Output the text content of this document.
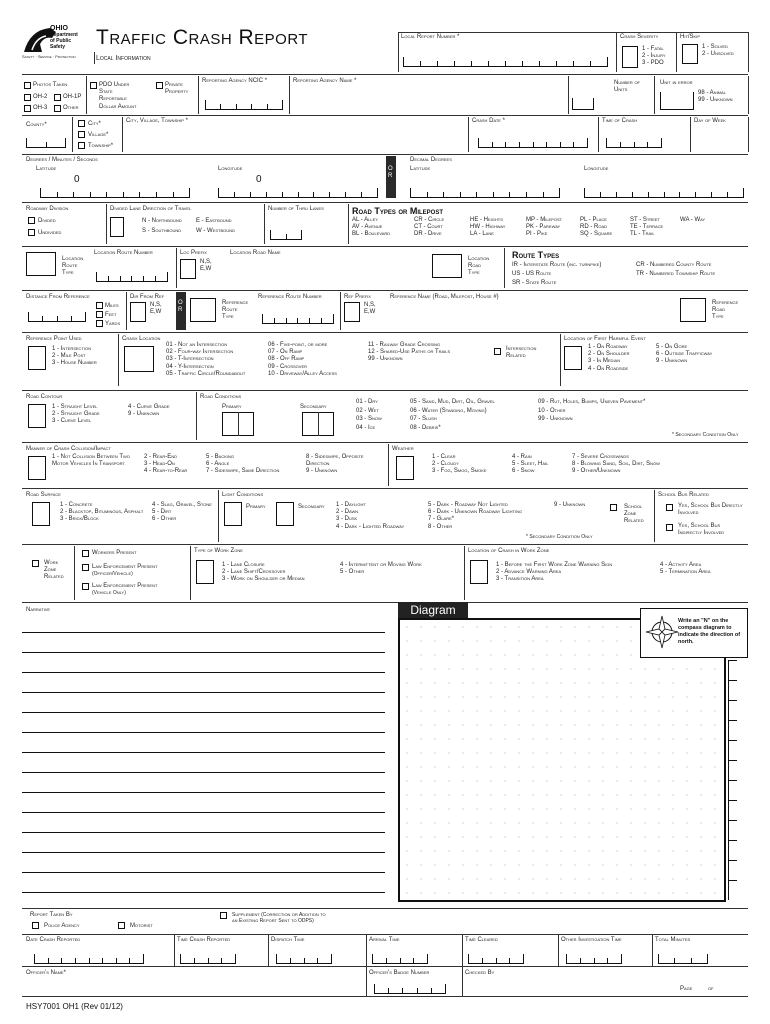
OHIO
Department
of Public
Safety
Safety · Service · Protection
Traffic Crash Report
Local Information
Local Report Number *	Crash Severity
1 - Fatal
2 - Injury
3 - PDO
Hit/Skip
1 - Solved
2 - Unsolved
Photos Taken
OH-2	OH-1P
OH-3	Other
PDO Under
State
Reportable
Dollar Amount
Private
Property
Reporting Agency NCIC *	Reporting Agency Name *	Number of
Units
Unit in error
98 - Animal
99 - Unknown
County*	City*
Village*
Township*
City, Village, Township *	Crash Date *	Time of Crash	Day of Week
Degrees / Minutes / Seconds
Latitude
0
Longitude
0
O R
Decimal Degrees
Latitude	Longitude
Roadway Division
Divided
Undivided
Divided Lane Direction of Travel
N - Northbound E - Eastbound
S - Southbound W - Westbound
Number of Thru Lanes	Road Types or Milepost
AL - Alley	CR - Circle	HE - Heights	MP - Milepost	PL - Place	ST - Street	WA - Way
AV - Avenue	CT - Court	HW - Highway	PK - Parkway	RD - Road	TE - Terrace
BL - Boulevard	DR - Drive	LA - Lane	PI - Pike	SQ - Square	TL - Trail
Location
Route
Type
Location Route Number	Loc Prefix
N,S,
E,W
Location Road Name
Location
Road
Type
Route Types
IR - Interstate Route (inc. turnpike)
US - US Route
SR - State Route
CR - Numbered County Route
TR - Numbered Township Route
Distance From Reference
Miles
Feet
Yards
Dir From Ref
N,S,
E,W
O R
Reference
Route
Type
Reference Route Number	Ref Prefix
N,S,
E,W
Reference Name (Road, Milepost, House #)
Reference
Road
Type
Reference Point Used
1 - Intersection
2 - Mile Post
3 - House Number
Crash Location
01 - Not an Intersection
02 - Four-way Intersection
03 - T-Intersection
04 - Y-Intersection
05 - Traffic Circle/Roundabout
06 - Five-point, or more
07 - On Ramp
08 - Off Ramp
09 - Crossover
10 - Driveway/Alley Access
11 - Railway Grade Crossing
12 - Shared-Use Paths or Trails
99 - Unknown
Intersection
Related
Location of First Harmful Event
1 - On Roadway
2 - On Shoulder
3 - In Median
4 - On Roadside
5 - On Gore
6 - Outside Trafficway
9 - Unknown
Road Contour
1 - Straight Level
2 - Straight Grade
3 - Curve Level
4 - Curve Grade
9 - Unknown
Road Conditions
Primary	Secondary
01 - Dry
02 - Wet
03 - Snow
04 - Ice
05 - Sand, Mud, Dirt, Oil, Gravel
06 - Water (Standing, Moving)
07 - Slush
08 - Debris*
09 - Rut, Holes, Bumps, Uneven Pavement*
10 - Other
99 - Unknown
* Secondary Condition Only
Manner of Crash Collision/Impact
1 - Not Collision Between Two Motor Vehicles In Transport
2 - Rear-End
3 - Head-On
4 - Rear-to-Rear
5 - Backing
6 - Angle
7 - Sideswipe, Same Direction
8 - Sideswipe, Opposite Direction
9 - Unknown
Weather
1 - Clear
2 - Cloudy
3 - Fog, Smog, Smoke
4 - Rain
5 - Sleet, Hail
6 - Snow
7 - Severe Crosswinds
8 - Blowing Sand, Soil, Dirt, Snow
9 - Other/Unknown
Road Surface
1 - Concrete
2 - Blacktop, Bituminous, Asphalt
3 - Brick/Block
4 - Slag, Gravel, Stone
5 - Dirt
6 - Other
Light Conditions
Primary	Secondary 1 - Daylight
2 - Dawn
3 - Dusk
4 - Dark - Lighted Roadway
5 - Dark - Roadway Not Lighted
6 - Dark - Unknown Roadway Lighting
7 - Glare*
8 - Other
9 - Unknown
* Secondary Condition Only
School
Zone
Related
School Bus Related
Yes, School Bus Directly Involved
Yes, School Bus Indirectly Involved
Work
Zone
Related
Workers Present
Law Enforcement Present
(Officer/Vehicle)
Law Enforcement Present
(Vehicle Only)
Type of Work Zone
1 - Lane Closure
2 - Lane Shift/Crossover
3 - Work on Shoulder or Median
4 - Intermittent or Moving Work
5 - Other
Location of Crash in Work Zone
1 - Before the First Work Zone Warning Sign
2 - Advance Warning Area
3 - Transition Area
4 - Activity Area
5 - Termination Area
Narrative	Diagram
Write an "N" on the compass diagram to indicate the direction of north.
Report Taken By
Police Agency	Motorist
Supplement (Correction or Addition to
an Existing Report Sent to ODPS)
Date Crash Reported	Time Crash Reported	Dispatch Time	Arrival Time	Time Cleared	Other Investigation Time	Total Minutes
Officer's Name*	Officer's Badge Number	Checked By
Page	of
HSY7001 OH1 (Rev 01/12)
